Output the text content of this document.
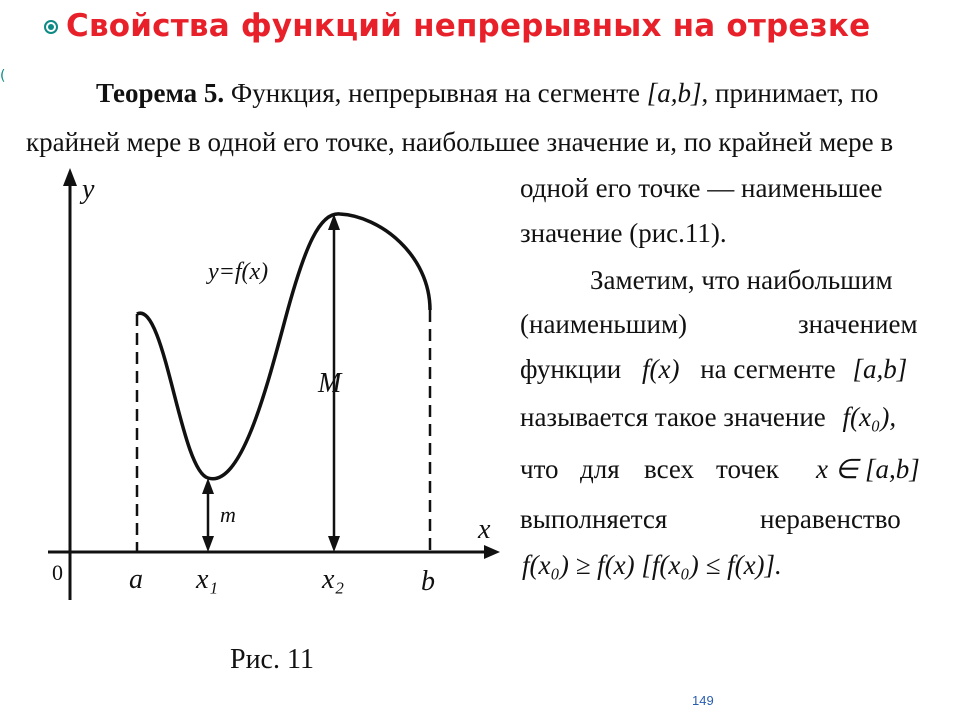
Свойства функций непрерывных на отрезке
(
Теорема 5. Функция, непрерывная на сегменте [a,b], принимает, по
крайней мере в одной его точке, наибольшее значение и, по крайней мере в
одной его точке — наименьшее
значение (рис.11).
Заметим, что наибольшим
(наименьшим)	значением
функции f(x) на сегменте [a,b]
называется такое значение f(x₀),
что для всех точек x ∈ [a,b]
выполняется	неравенство
f(x₀) ≥ f(x) [f(x₀) ≤ f(x)].
y
x
0 a x₁	x₂	b
y=f(x)
M
m
Рис. 11
149
